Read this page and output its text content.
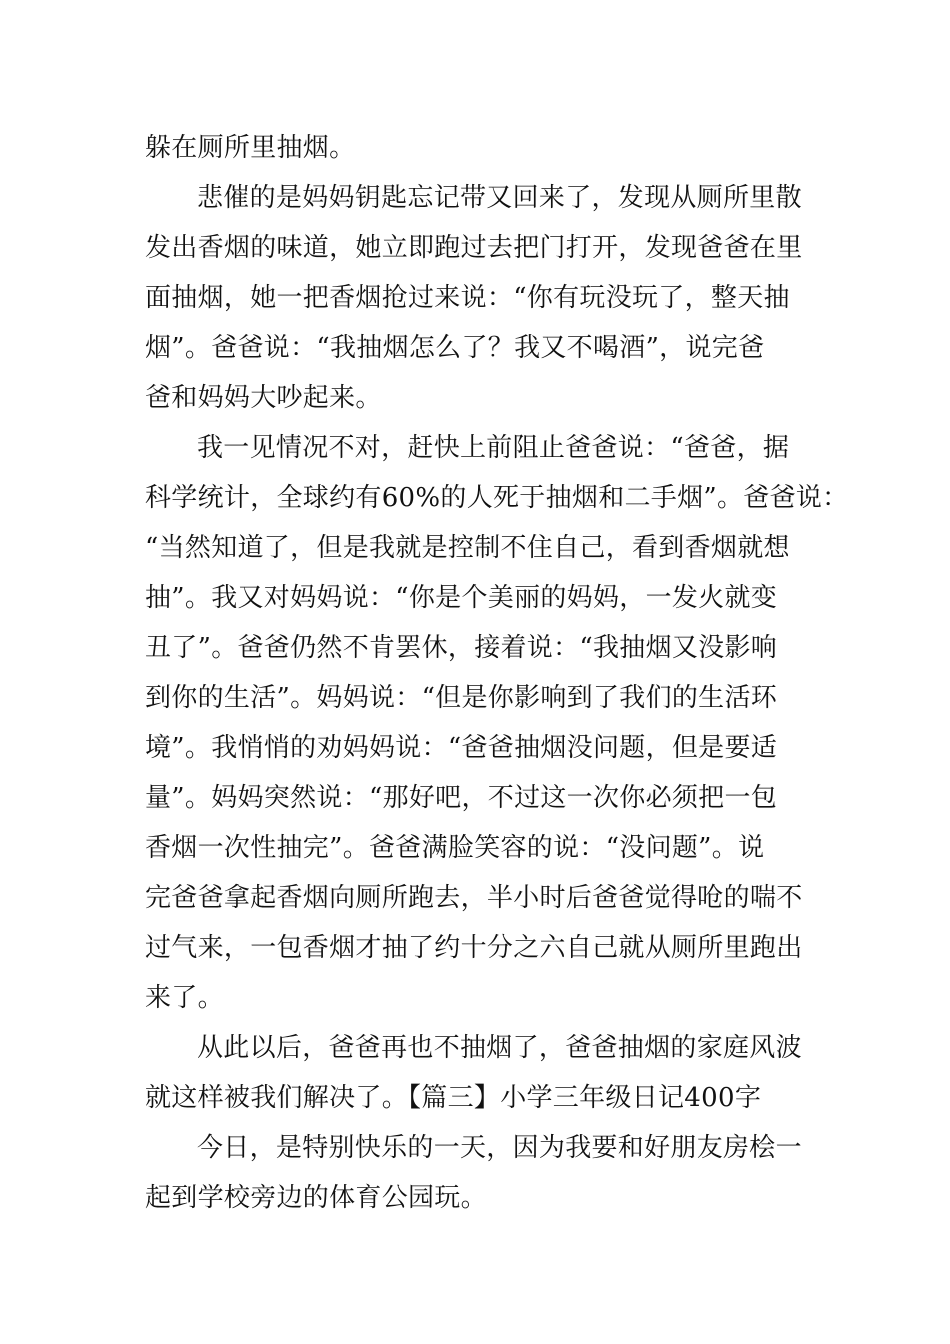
躲在厕所里抽烟。
悲催的是妈妈钥匙忘记带又回来了，发现从厕所里散
发出香烟的味道，她立即跑过去把门打开，发现爸爸在里
面抽烟，她一把香烟抢过来说：“你有玩没玩了，整天抽
烟”。爸爸说：“我抽烟怎么了？我又不喝酒”，说完爸
爸和妈妈大吵起来。
我一见情况不对，赶快上前阻止爸爸说：“爸爸，据
科学统计，全球约有60%的人死于抽烟和二手烟”。爸爸说：
“当然知道了，但是我就是控制不住自己，看到香烟就想
抽”。我又对妈妈说：“你是个美丽的妈妈，一发火就变
丑了”。爸爸仍然不肯罢休，接着说：“我抽烟又没影响
到你的生活”。妈妈说：“但是你影响到了我们的生活环
境”。我悄悄的劝妈妈说：“爸爸抽烟没问题，但是要适
量”。妈妈突然说：“那好吧，不过这一次你必须把一包
香烟一次性抽完”。爸爸满脸笑容的说：“没问题”。说
完爸爸拿起香烟向厕所跑去，半小时后爸爸觉得呛的喘不
过气来，一包香烟才抽了约十分之六自己就从厕所里跑出
来了。
从此以后，爸爸再也不抽烟了，爸爸抽烟的家庭风波
就这样被我们解决了。【篇三】小学三年级日记400字
今日，是特别快乐的一天，因为我要和好朋友房桧一
起到学校旁边的体育公园玩。
